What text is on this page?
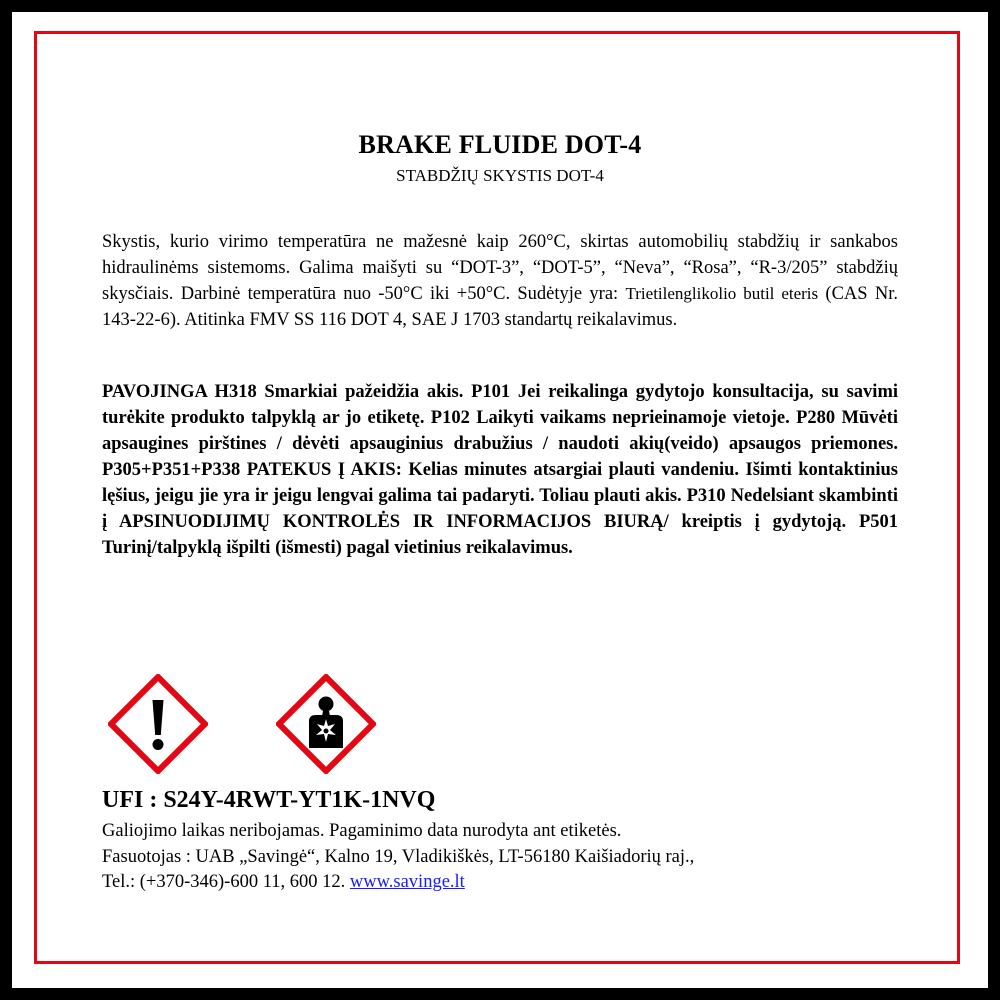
BRAKE FLUIDE DOT-4
STABDŽIŲ SKYSTIS DOT-4
Skystis, kurio virimo temperatūra ne mažesnė kaip 260°C, skirtas automobilių stabdžių ir sankabos hidraulinėms sistemoms. Galima maišyti su “DOT-3”, “DOT-5”, “Neva”, “Rosa”, “R-3/205” stabdžių skysčiais. Darbinė temperatūra nuo -50°C iki +50°C. Sudėtyje yra: Trietilenglikolio butil eteris (CAS Nr. 143-22-6). Atitinka FMV SS 116 DOT 4, SAE J 1703 standartų reikalavimus.
PAVOJINGA H318 Smarkiai pažeidžia akis. P101 Jei reikalinga gydytojo konsultacija, su savimi turėkite produkto talpyklą ar jo etiketę. P102 Laikyti vaikams neprieinamoje vietoje. P280 Mūvėti apsaugines pirštines / dėvėti apsauginius drabužius / naudoti akių(veido) apsaugos priemones. P305+P351+P338 PATEKUS Į AKIS: Kelias minutes atsargiai plauti vandeniu. Išimti kontaktinius lęšius, jeigu jie yra ir jeigu lengvai galima tai padaryti. Toliau plauti akis. P310 Nedelsiant skambinti į APSINUODIJIMŲ KONTROLĖS IR INFORMACIJOS BIURĄ/ kreiptis į gydytoją. P501 Turinį/talpyklą išpilti (išmesti) pagal vietinius reikalavimus.
UFI : S24Y-4RWT-YT1K-1NVQ
Galiojimo laikas neribojamas. Pagaminimo data nurodyta ant etiketės.
Fasuotojas : UAB „Savingė“, Kalno 19, Vladikiškės, LT-56180 Kaišiadorių raj.,
Tel.: (+370-346)-600 11, 600 12. www.savinge.lt
